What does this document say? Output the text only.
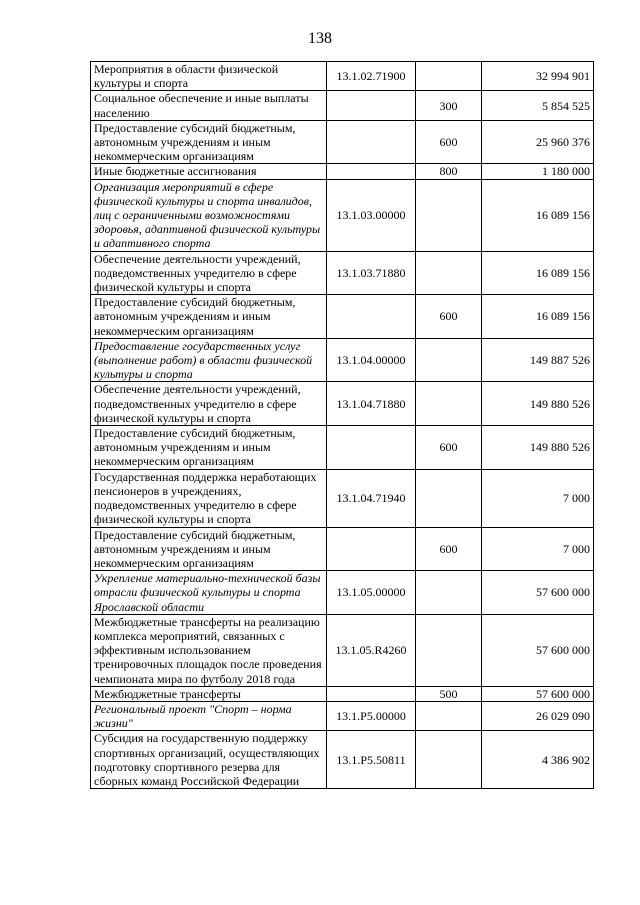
138
Мероприятия в области физической культуры и спорта	13.1.02.71900		32 994 901
Социальное обеспечение и иные выплаты населению		300	5 854 525
Предоставление субсидий бюджетным, автономным учреждениям и иным некоммерческим организациям		600	25 960 376
Иные бюджетные ассигнования		800	1 180 000
Организация мероприятий в сфере физической культуры и спорта инвалидов, лиц с ограниченными возможностями здоровья, адаптивной физической культуры и адаптивного спорта	13.1.03.00000		16 089 156
Обеспечение деятельности учреждений, подведомственных учредителю в сфере физической культуры и спорта	13.1.03.71880		16 089 156
Предоставление субсидий бюджетным, автономным учреждениям и иным некоммерческим организациям		600	16 089 156
Предоставление государственных услуг (выполнение работ) в области физической культуры и спорта	13.1.04.00000		149 887 526
Обеспечение деятельности учреждений, подведомственных учредителю в сфере физической культуры и спорта	13.1.04.71880		149 880 526
Предоставление субсидий бюджетным, автономным учреждениям и иным некоммерческим организациям		600	149 880 526
Государственная поддержка неработающих пенсионеров в учреждениях, подведомственных учредителю в сфере физической культуры и спорта	13.1.04.71940		7 000
Предоставление субсидий бюджетным, автономным учреждениям и иным некоммерческим организациям		600	7 000
Укрепление материально-технической базы отрасли физической культуры и спорта Ярославской области	13.1.05.00000		57 600 000
Межбюджетные трансферты на реализацию комплекса мероприятий, связанных с эффективным использованием тренировочных площадок после проведения чемпионата мира по футболу 2018 года	13.1.05.R4260		57 600 000
Межбюджетные трансферты		500	57 600 000
Региональный проект "Спорт – норма жизни"	13.1.P5.00000		26 029 090
Субсидия на государственную поддержку спортивных организаций, осуществляющих подготовку спортивного резерва для сборных команд Российской Федерации	13.1.P5.50811		4 386 902
